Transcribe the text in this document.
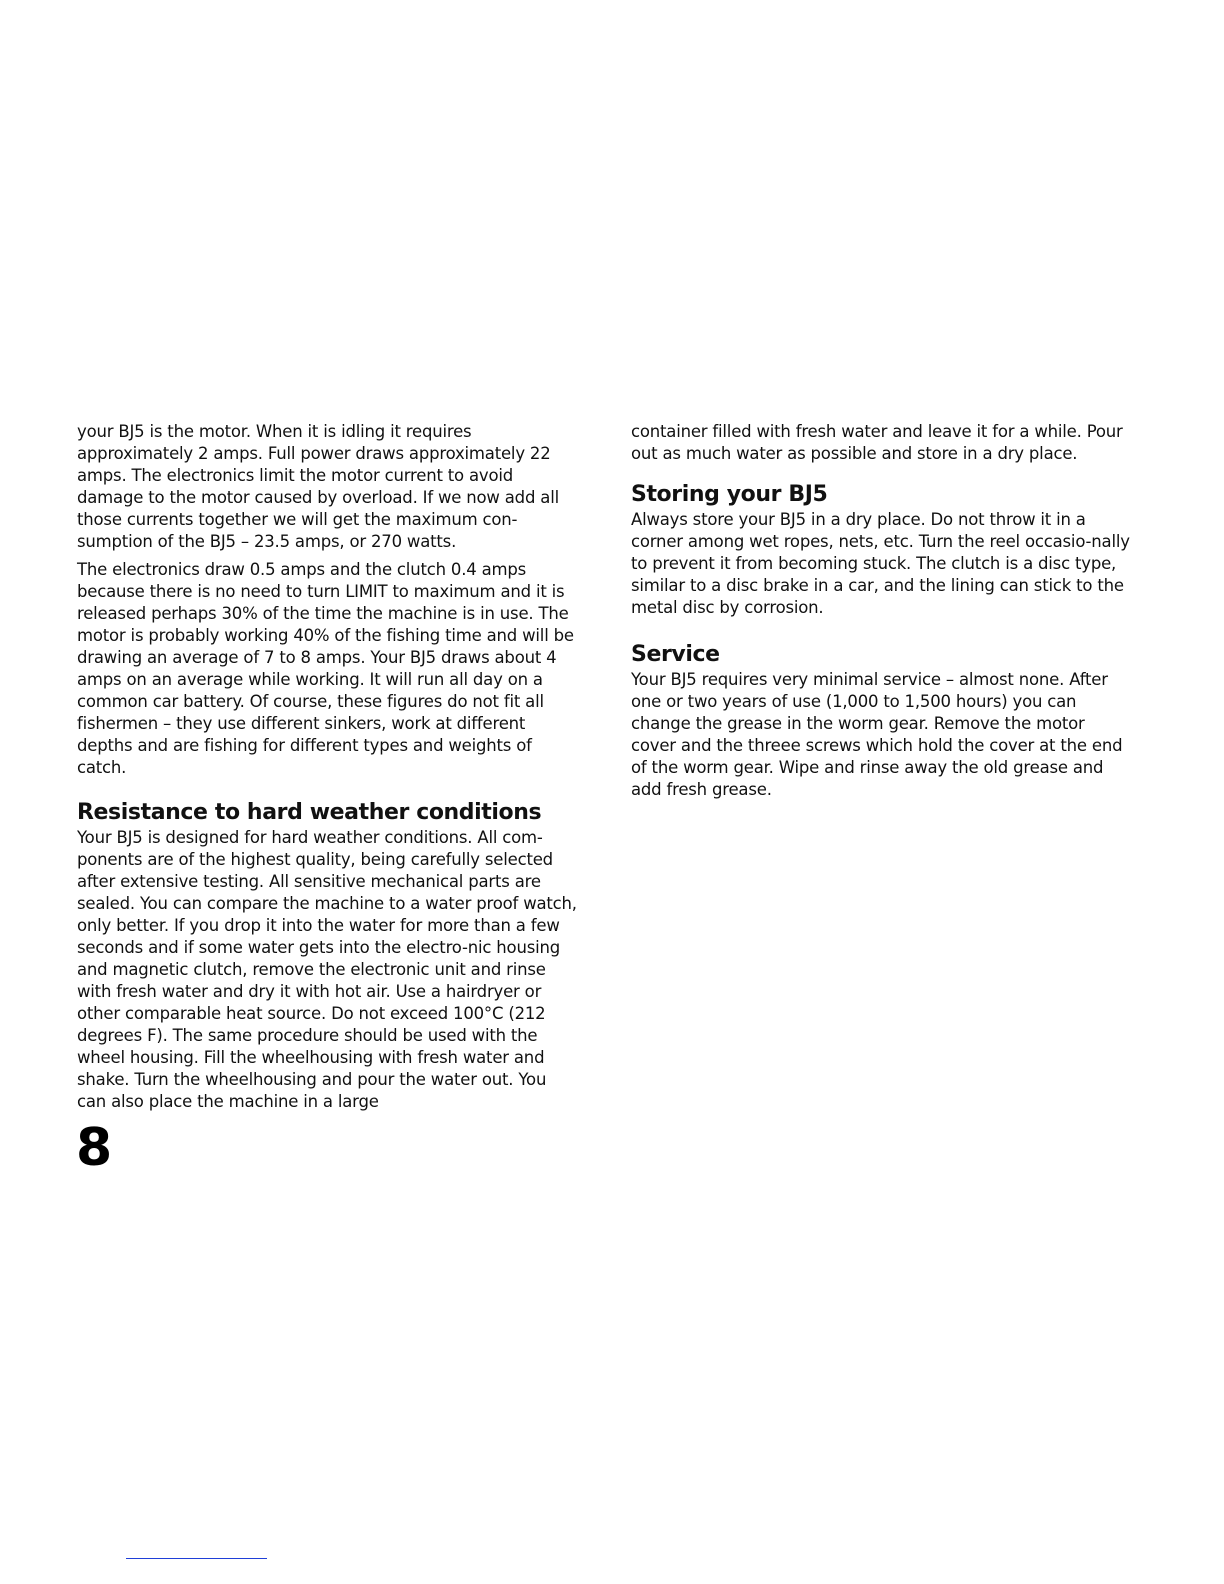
your BJ5 is the motor. When it is idling it requires approximately 2 amps. Full power draws approximately 22 amps. The electronics limit the motor current to avoid damage to the motor caused by overload. If we now add all those currents together we will get the maximum con-sumption of the BJ5 – 23.5 amps, or 270 watts.

The electronics draw 0.5 amps and the clutch 0.4 amps because there is no need to turn LIMIT to maximum and it is released perhaps 30% of the time the machine is in use. The motor is probably working 40% of the fishing time and will be drawing an average of 7 to 8 amps. Your BJ5 draws about 4 amps on an average while working. It will run all day on a common car battery. Of course, these figures do not fit all fishermen – they use different sinkers, work at different depths and are fishing for different types and weights of catch.

Resistance to hard weather conditions

Your BJ5 is designed for hard weather conditions. All com-ponents are of the highest quality, being carefully selected after extensive testing. All sensitive mechanical parts are sealed. You can compare the machine to a water proof watch, only better. If you drop it into the water for more than a few seconds and if some water gets into the electro-nic housing and magnetic clutch, remove the electronic unit and rinse with fresh water and dry it with hot air. Use a hairdryer or other comparable heat source. Do not exceed 100°C (212 degrees F). The same procedure should be used with the wheel housing. Fill the wheelhousing with fresh water and shake. Turn the wheelhousing and pour the water out. You can also place the machine in a large

container filled with fresh water and leave it for a while. Pour out as much water as possible and store in a dry place.

Storing your BJ5

Always store your BJ5 in a dry place. Do not throw it in a corner among wet ropes, nets, etc. Turn the reel occasio-nally to prevent it from becoming stuck. The clutch is a disc type, similar to a disc brake in a car, and the lining can stick to the metal disc by corrosion.

Service

Your BJ5 requires very minimal service – almost none. After one or two years of use (1,000 to 1,500 hours) you can change the grease in the worm gear. Remove the motor cover and the threee screws which hold the cover at the end of the worm gear. Wipe and rinse away the old grease and add fresh grease.

8
